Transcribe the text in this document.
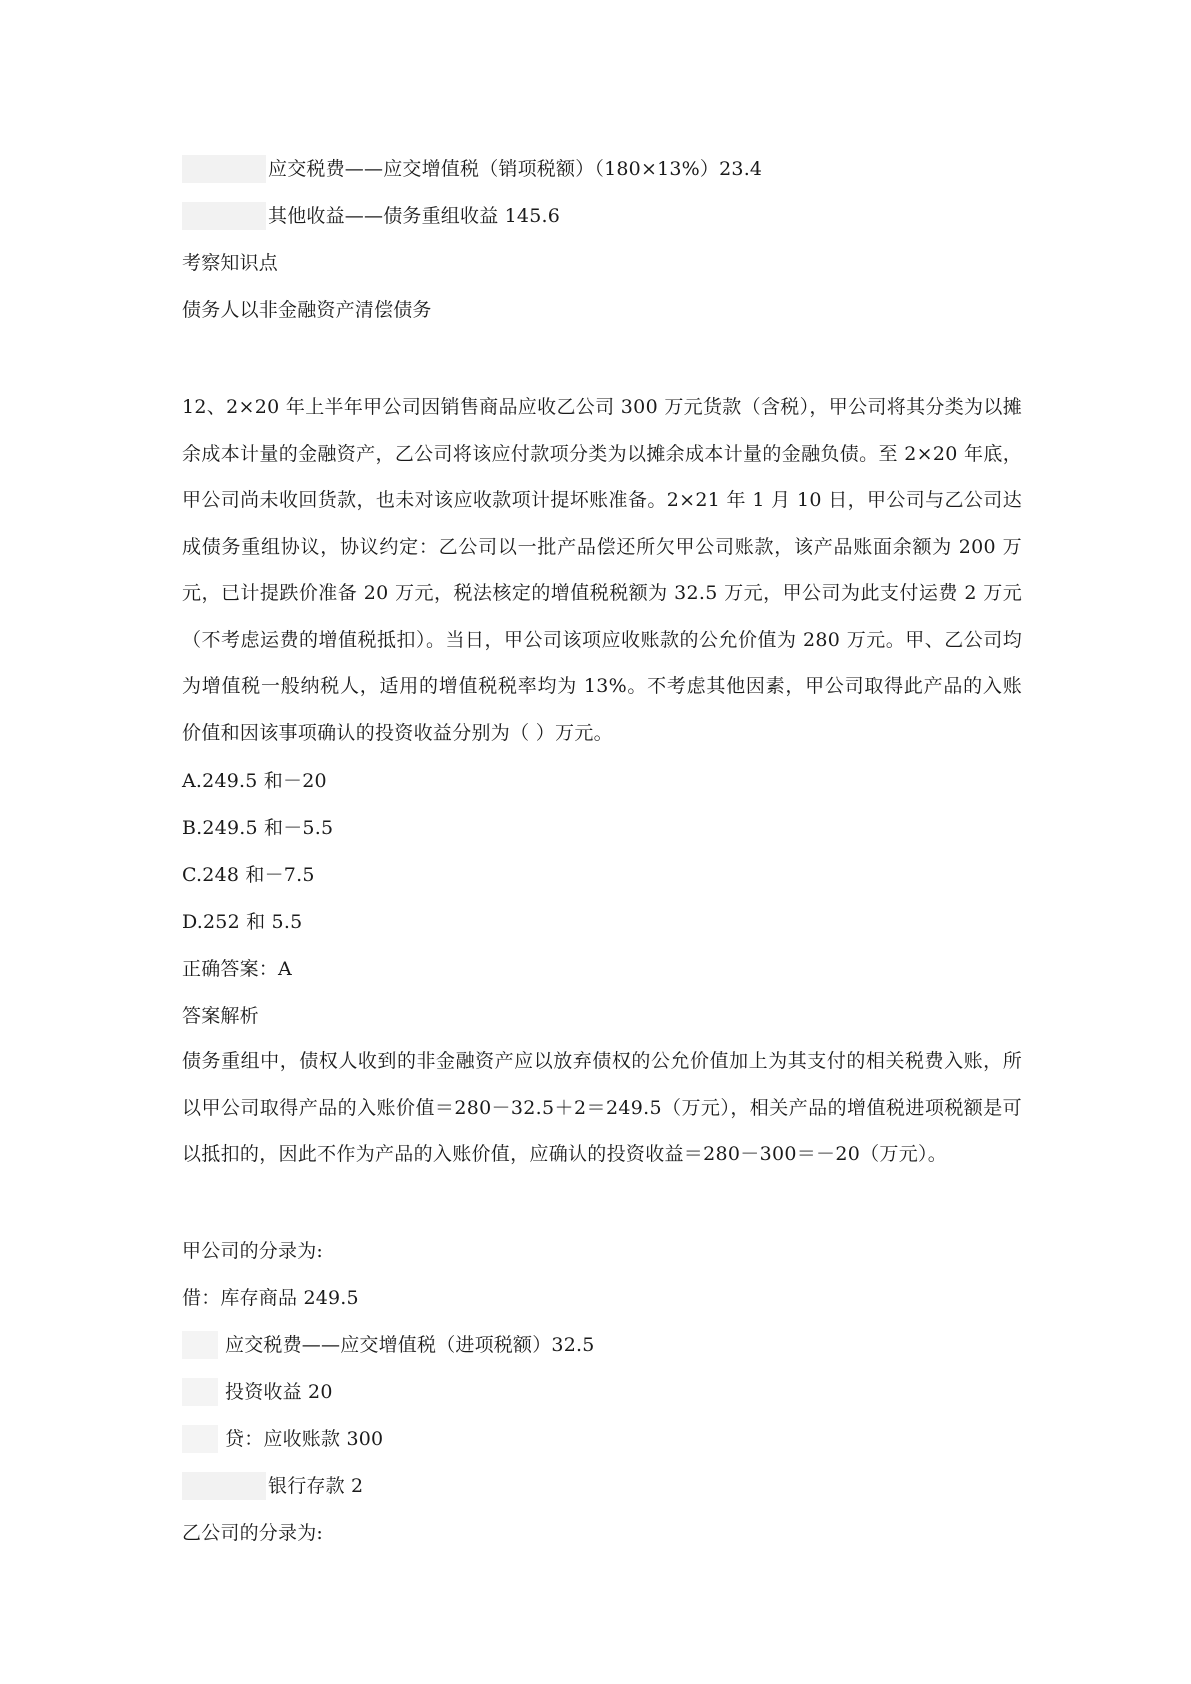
应交税费——应交增值税（销项税额）（180×13%）23.4
其他收益——债务重组收益 145.6
考察知识点
债务人以非金融资产清偿债务
12、2×20 年上半年甲公司因销售商品应收乙公司 300 万元货款（含税），甲公司将其分类为以摊余成本计量的金融资产，乙公司将该应付款项分类为以摊余成本计量的金融负债。至 2×20 年底，甲公司尚未收回货款，也未对该应收款项计提坏账准备。2×21 年 1 月 10 日，甲公司与乙公司达成债务重组协议，协议约定：乙公司以一批产品偿还所欠甲公司账款，该产品账面余额为 200 万元，已计提跌价准备 20 万元，税法核定的增值税税额为 32.5 万元，甲公司为此支付运费 2 万元（不考虑运费的增值税抵扣）。当日，甲公司该项应收账款的公允价值为 280 万元。甲、乙公司均为增值税一般纳税人，适用的增值税税率均为 13%。不考虑其他因素，甲公司取得此产品的入账价值和因该事项确认的投资收益分别为（ ）万元。
A.249.5 和－20
B.249.5 和－5.5
C.248 和－7.5
D.252 和 5.5
正确答案：A
答案解析
债务重组中，债权人收到的非金融资产应以放弃债权的公允价值加上为其支付的相关税费入账，所以甲公司取得产品的入账价值＝280－32.5＋2＝249.5（万元），相关产品的增值税进项税额是可以抵扣的，因此不作为产品的入账价值，应确认的投资收益＝280－300＝－20（万元）。
甲公司的分录为:
借：库存商品 249.5
应交税费——应交增值税（进项税额）32.5
投资收益 20
贷：应收账款 300
银行存款 2
乙公司的分录为:
